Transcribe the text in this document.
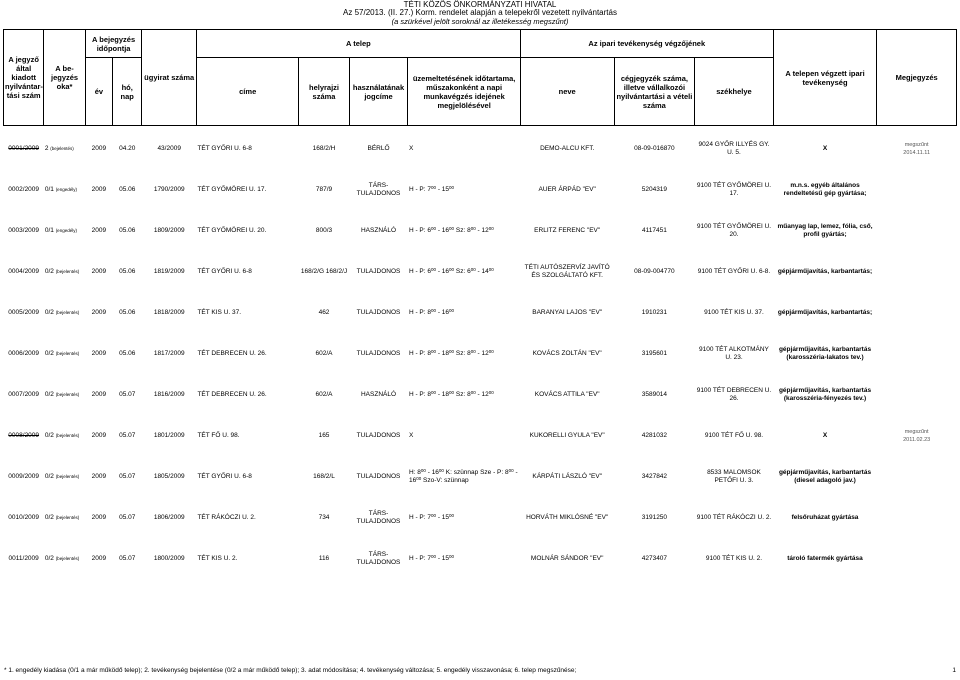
TÉTI KÖZÖS ÖNKORMÁNYZATI HIVATAL
Az 57/2013. (II. 27.) Korm. rendelet alapján a telepekről vezetett nyilvántartás
(a szürkével jelölt soroknál az illetékesség megszűnt)
A jegyző által kiadott nyilvántar-tási szám	A be-jegyzés oka*	A bejegyzés időpontja		ügyirat száma	A telep				Az ipari tevékenység végzőjének			A telepen végzett ipari tevékenység	Megjegyzés
		év	hó, nap		címe	helyrajzi száma	használatának jogcíme	üzemeltetésének időtartama, műszakonként a napi munkavégzés idejének megjelölésével	neve	cégjegyzék száma, illetve vállalkozói nyilvántartási a vételi száma	székhelye		

0001/2009	2 (bejelentés)	2009	04.20	43/2009	TÉT GYŐRI U. 6-8	168/2/H	BÉRLŐ	X	DEMO-ALCU KFT.	08-09-016870	9024 GYŐR ILLYÉS GY. U. 5.	X	megszűnt
2014.11.11

0002/2009	0/1 (engedély)	2009	05.06	1790/2009	TÉT GYŐMÖREI U. 17.	787/9	TÁRS-TULAJDONOS	H - P: $7^{00} - 15^{00}$	AUER ÁRPÁD "EV"	5204319	9100 TÉT GYŐMÖREI U. 17.	m.n.s. egyéb általános rendeltetésű gép gyártása;	

0003/2009	0/1 (engedély)	2009	05.06	1809/2009	TÉT GYŐMÖREI U. 20.	800/3	HASZNÁLÓ	H - P: $6^{00} - 16^{00}$ Sz: $8^{00} - 12^{00}$	ERLITZ FERENC "EV"	4117451	9100 TÉT GYŐMÖREI U. 20.	műanyag lap, lemez, fólia, cső, profil gyártás;	

0004/2009	0/2 (bejelentés)	2009	05.06	1819/2009	TÉT GYŐRI U. 6-8	168/2/G 168/2/J	TULAJDONOS	H - P: $6^{00} - 16^{00}$ Sz: $6^{00} - 14^{00}$	TÉTI AUTÓSZERVÍZ JAVÍTÓ ÉS SZOLGÁLTATÓ KFT.	08-09-004770	9100 TÉT GYŐRI U. 6-8.	gépjárműjavítás, karbantartás;	

0005/2009	0/2 (bejelentés)	2009	05.06	1818/2009	TÉT KIS U. 37.	462	TULAJDONOS	H - P: $8^{00} - 16^{00}$	BARANYAI LAJOS "EV"	1910231	9100 TÉT KIS U. 37.	gépjárműjavítás, karbantartás;	

0006/2009	0/2 (bejelentés)	2009	05.06	1817/2009	TÉT DEBRECEN U. 26.	602/A	TULAJDONOS	H - P: $8^{00} - 18^{00}$ Sz: $8^{00} - 12^{00}$	KOVÁCS ZOLTÁN "EV"	3195601	9100 TÉT ALKOTMÁNY U. 23.	gépjárműjavítás, karbantartás (karosszéria-lakatos tev.)	

0007/2009	0/2 (bejelentés)	2009	05.07	1816/2009	TÉT DEBRECEN U. 26.	602/A	HASZNÁLÓ	H - P: $8^{00} - 18^{00}$ Sz: $8^{00} - 12^{00}$	KOVÁCS ATTILA "EV"	3589014	9100 TÉT DEBRECEN U. 26.	gépjárműjavítás, karbantartás (karosszéria-fényezés tev.)	

0008/2009	0/2 (bejelentés)	2009	05.07	1801/2009	TÉT FŐ U. 98.	165	TULAJDONOS	X	KUKORELLI GYULA "EV"	4281032	9100 TÉT FŐ U. 98.	X	megszűnt
2011.02.23

0009/2009	0/2 (bejelentés)	2009	05.07	1805/2009	TÉT GYŐRI U. 6-8	168/2/L	TULAJDONOS	H: $8^{00} - 16^{00}$ K: szünnap Sze - P: $8^{00} - 16^{00}$ Szo-V: szünnap	KÁRPÁTI LÁSZLÓ "EV"	3427842	8533 MALOMSOK PETŐFI U. 3.	gépjárműjavítás, karbantartás (diesel adagoló jav.)	

0010/2009	0/2 (bejelentés)	2009	05.07	1806/2009	TÉT RÁKÓCZI U. 2.	734	TÁRS-TULAJDONOS	H - P: $7^{00} - 15^{00}$	HORVÁTH MIKLÓSNÉ "EV"	3191250	9100 TÉT RÁKÓCZI U. 2.	felsőruházat gyártása	

0011/2009	0/2 (bejelentés)	2009	05.07	1800/2009	TÉT KIS U. 2.	116	TÁRS-TULAJDONOS	H - P: $7^{00} - 15^{00}$	MOLNÁR SÁNDOR "EV"	4273407	9100 TÉT KIS U. 2.	tároló fatermék gyártása	
* 1. engedély kiadása (0/1 a már működő telep); 2. tevékenység bejelentése (0/2 a már működő telep); 3. adat módosítása; 4. tevékenység változása; 5. engedély visszavonása; 6. telep megszűnése;	1
